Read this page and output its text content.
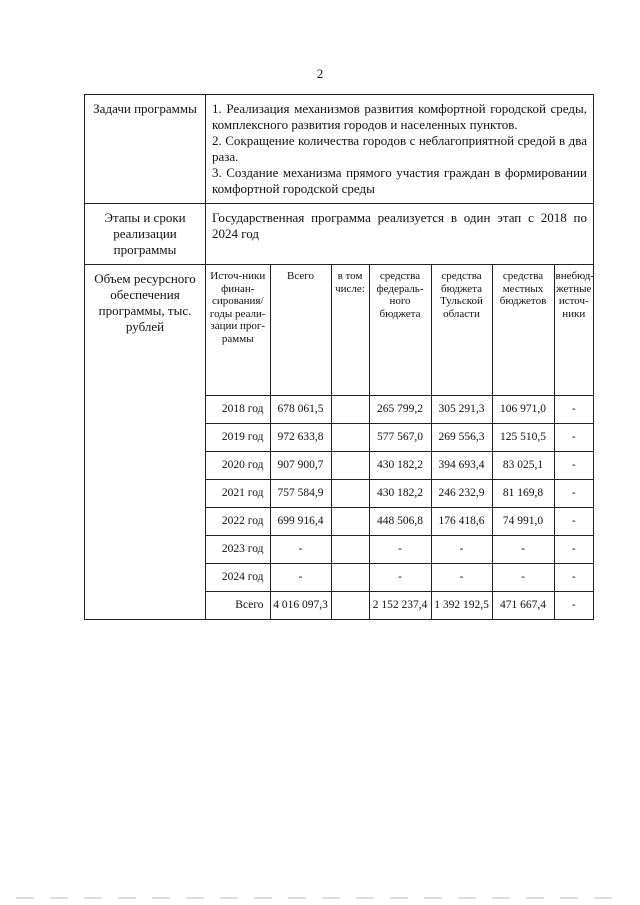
2
Задачи программы	1. Реализация механизмов развития комфортной городской среды, комплексного развития городов и населенных пунктов.

2. Сокращение количества городов с неблагоприятной средой в два раза.

3. Создание механизма прямого участия граждан в формировании комфортной городской среды

Этапы и сроки реализации программы	Государственная программа реализуется в один этап с 2018 по 2024 год
Объем ресурсного обеспечения программы, тыс. рублей	
Источ-ники финан-сирования/ годы реали-зации прог-раммы	Всего	в том числе:	средства федераль-ного бюджета	средства бюджета Тульской области	средства местных бюджетов	внебюд-жетные источ-ники
2018 год	678 061,5		265 799,2	305 291,3	106 971,0	-
2019 год	972 633,8		577 567,0	269 556,3	125 510,5	-
2020 год	907 900,7		430 182,2	394 693,4	83 025,1	-
2021 год	757 584,9		430 182,2	246 232,9	81 169,8	-
2022 год	699 916,4		448 506,8	176 418,6	74 991,0	-
2023 год	-		-	-	-	-
2024 год	-		-	-	-	-
Всего	4 016 097,3		2 152 237,4	1 392 192,5	471 667,4	-
